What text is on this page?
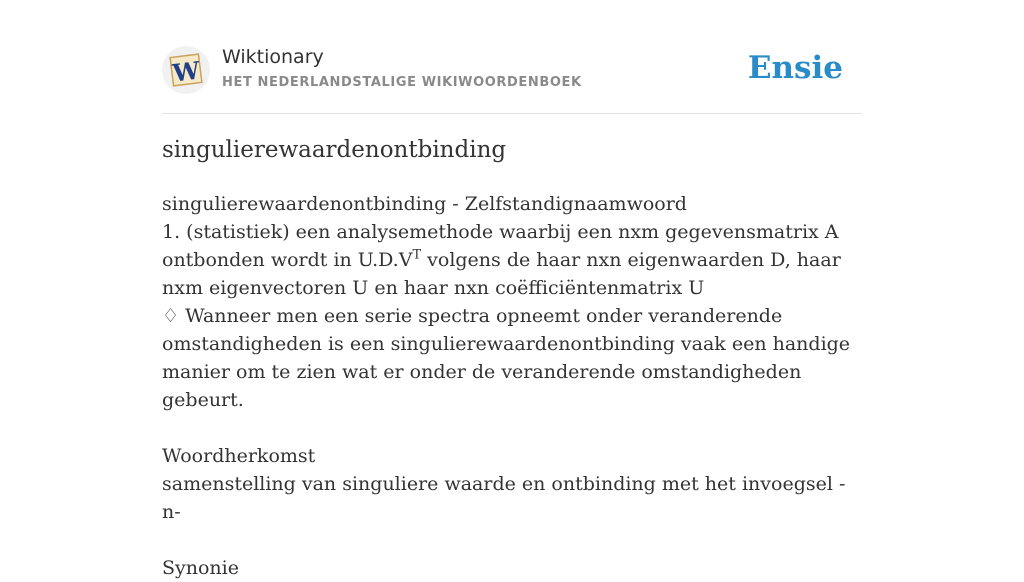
W Wiktionary
HET NEDERLANDSTALIGE WIKIWOORDENBOEK	Ensie
singulierewaardenontbinding

singulierewaardenontbinding - Zelfstandignaamwoord

1. (statistiek) een analysemethode waarbij een nxm gegevensmatrix A ontbonden wordt in $U.D.V^T$ volgens de haar nxn eigenwaarden D, haar nxm eigenvectoren U en haar nxn coëfficiëntenmatrix U

♢ Wanneer men een serie spectra opneemt onder veranderende omstandigheden is een singulierewaardenontbinding vaak een handige manier om te zien wat er onder de veranderende omstandigheden gebeurt.

Woordherkomst

samenstelling van singuliere waarde en ontbinding met het invoegsel -n-

Synonie
